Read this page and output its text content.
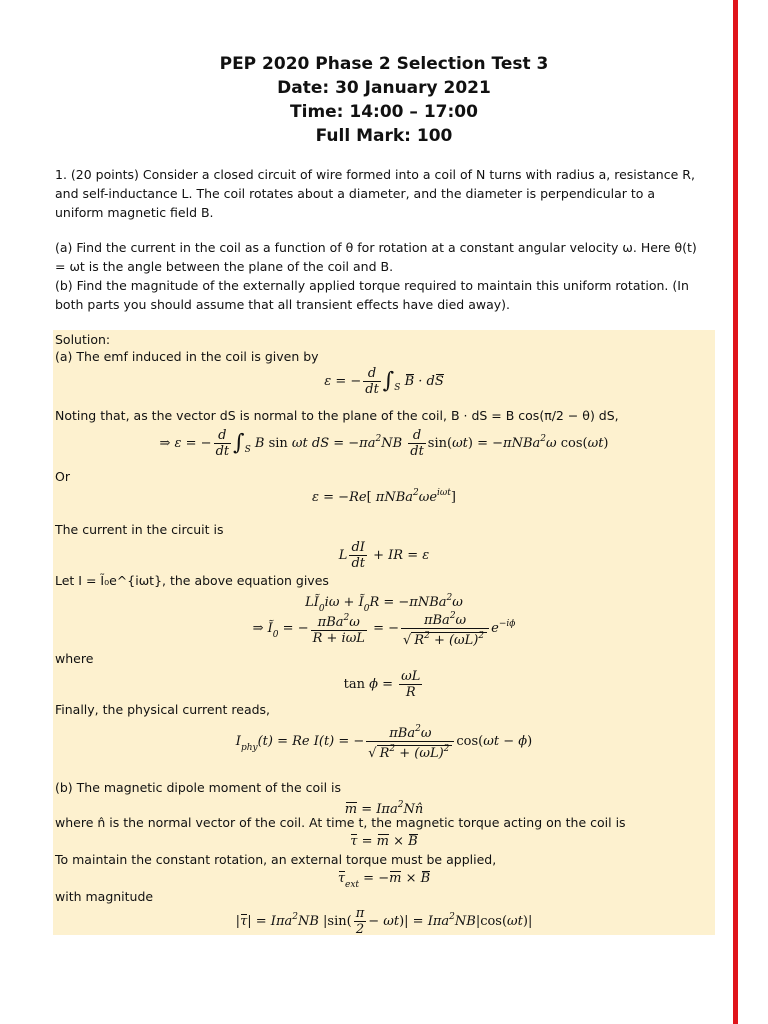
PEP 2020 Phase 2 Selection Test 3
Date: 30 January 2021
Time: 14:00 – 17:00
Full Mark: 100
1. (20 points) Consider a closed circuit of wire formed into a coil of N turns with radius a, resistance R, and self-inductance L. The coil rotates about a diameter, and the diameter is perpendicular to a uniform magnetic field B.
(a) Find the current in the coil as a function of θ for rotation at a constant angular velocity ω. Here θ(t) = ωt is the angle between the plane of the coil and B.
(b) Find the magnitude of the externally applied torque required to maintain this uniform rotation. (In both parts you should assume that all transient effects have died away).
Solution:
(a) The emf induced in the coil is given by
ε = − $\frac{d}{dt} \int_S$ B · dS
Noting that, as the vector dS is normal to the plane of the coil, B · dS = B cos(π/2 − θ) dS,
⇒ ε = − $\frac{d}{dt} \int_S$ B sin ωt dS = $-\pi a^2NB \frac{d}{dt} \sin(\omega t) = -\pi NBa^2\omega$ cos(ωt)
Or
ε = −Re[ $\pi NBa^2\omega e^{i\omega t}$]
The current in the circuit is
L $\frac{dI}{dt}$ + IR = ε
Let I = Ĩ₀e^{iωt}, the above equation gives
$LĨ_0i\omega$ + $Ĩ_0R = -\pi NBa^2\omega$
⇒ $Ĩ_0$ = − $\frac{\pi Ba^2\omega}{\text{R + iωL}}$ = − $\frac{\pi Ba^2\omega}{√ R^2 + (\omega L)^2} e^{-i\phi}$
where
$\tan \phi = \frac{\omega L}{R}$
Finally, the physical current reads,
$I_{phy}(t) = Re$ I(t) = − $\frac{\pi Ba^2\omega}{√ R^2 + (\omega L)^2} \cos(\omega t - \phi)$
(b) The magnetic dipole moment of the coil is
m = Iπa$^2$Nn̂
where n̂ is the normal vector of the coil. At time t, the magnetic torque acting on the coil is
τ = m × B
To maintain the constant rotation, an external torque must be applied,
$\tau_{ext} = -m \times B$
with magnitude
|τ| = Iπa$^2$NB $|\sin( \frac{\pi}{2} - \omega t)| = I\pi a^2NB|\cos(\omega t)|$
